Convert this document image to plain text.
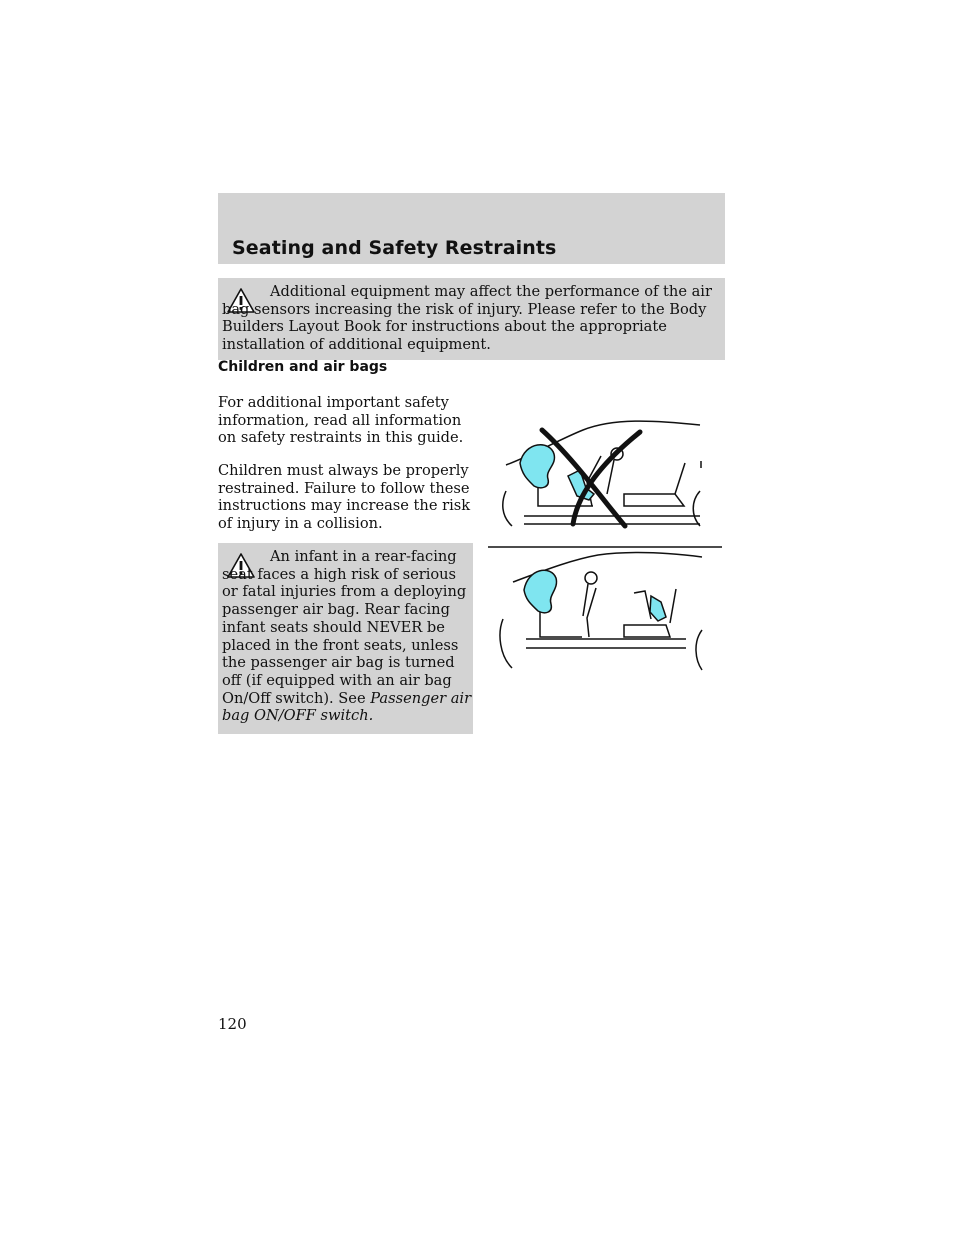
Seating and Safety Restraints

Additional equipment may affect the performance of the air bag sensors increasing the risk of injury. Please refer to the Body Builders Layout Book for instructions about the appropriate installation of additional equipment.

Children and air bags

For additional important safety information, read all information on safety restraints in this guide.

Children must always be properly restrained. Failure to follow these instructions may increase the risk of injury in a collision.

An infant in a rear-facing seat faces a high risk of serious or fatal injuries from a deploying passenger air bag. Rear facing infant seats should NEVER be placed in the front seats, unless the passenger air bag is turned off (if equipped with an air bag On/Off switch). See Passenger air bag ON/OFF switch.

120
